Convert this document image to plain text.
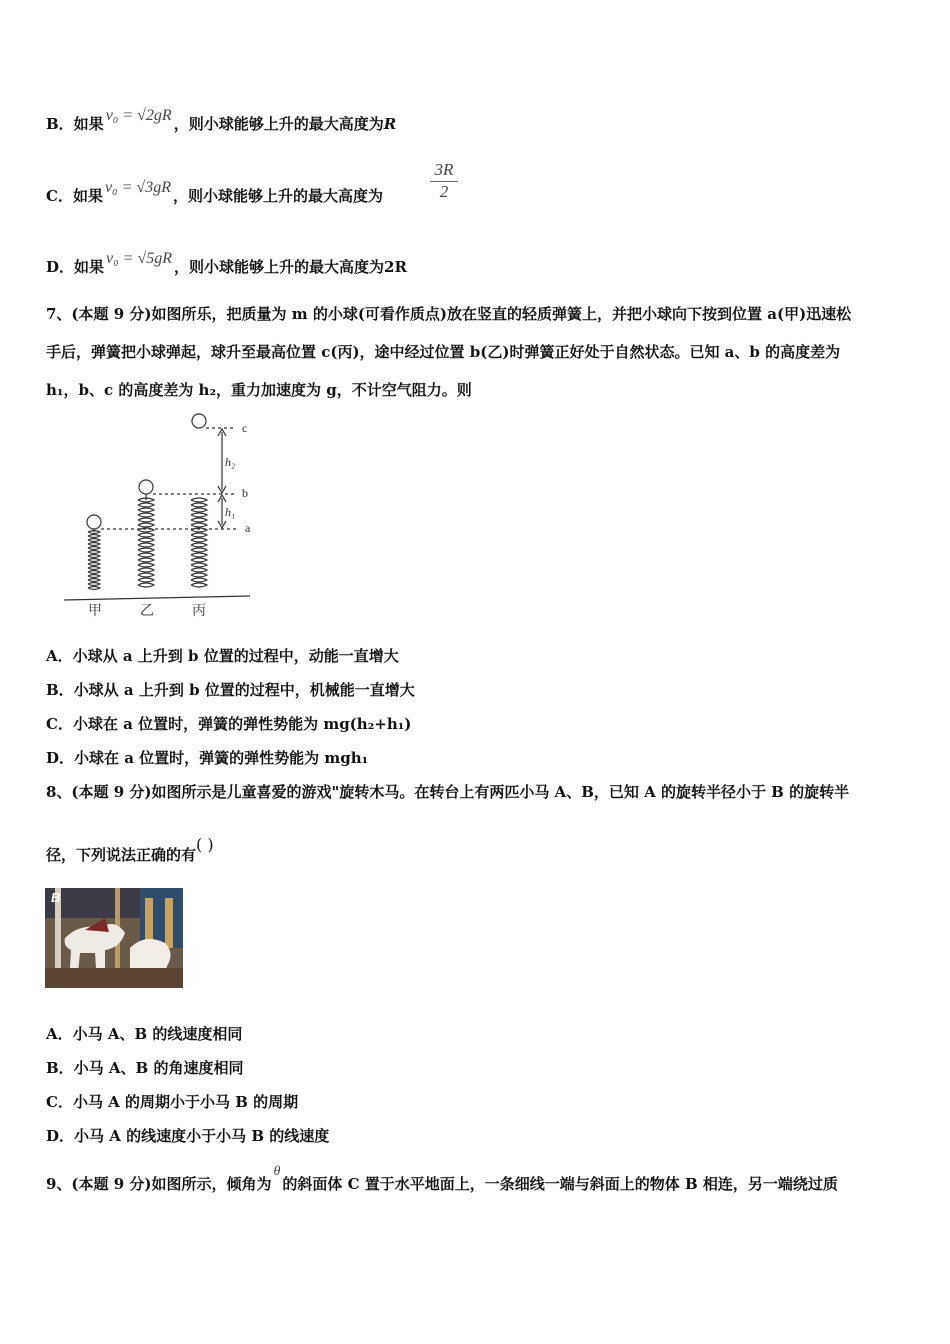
B．如果 v₀ = √2gR ，则小球能够上升的最大高度为R
C．如果 v₀ = √3gR ，则小球能够上升的最大高度为	$\frac{3R}{2}$
D．如果 v₀ = √5gR ，则小球能够上升的最大高度为2R
7、(本题 9 分)如图所乐，把质量为 m 的小球(可看作质点)放在竖直的轻质弹簧上，并把小球向下按到位置 a(甲)迅速松
手后，弹簧把小球弹起，球升至最高位置 c(丙)，途中经过位置 b(乙)时弹簧正好处于自然状态。已知 a、b 的高度差为
h₁，b、c 的高度差为 h₂，重力加速度为 g，不计空气阻力。则
c
b
a
h₂
h₁
甲	乙	丙
A．小球从 a 上升到 b 位置的过程中，动能一直增大
B．小球从 a 上升到 b 位置的过程中，机械能一直增大
C．小球在 a 位置时，弹簧的弹性势能为 mg(h₂+h₁)
D．小球在 a 位置时，弹簧的弹性势能为 mgh₁
8、(本题 9 分)如图所示是儿童喜爱的游戏"旋转木马。在转台上有两匹小马 A、B，已知 A 的旋转半径小于 B 的旋转半
径，下列说法正确的有( )
B
A．小马 A、B 的线速度相同
B．小马 A、B 的角速度相同
C．小马 A 的周期小于小马 B 的周期
D．小马 A 的线速度小于小马 B 的线速度
9、(本题 9 分)如图所示，倾角为θ的斜面体 C 置于水平地面上，一条细线一端与斜面上的物体 B 相连，另一端绕过质
